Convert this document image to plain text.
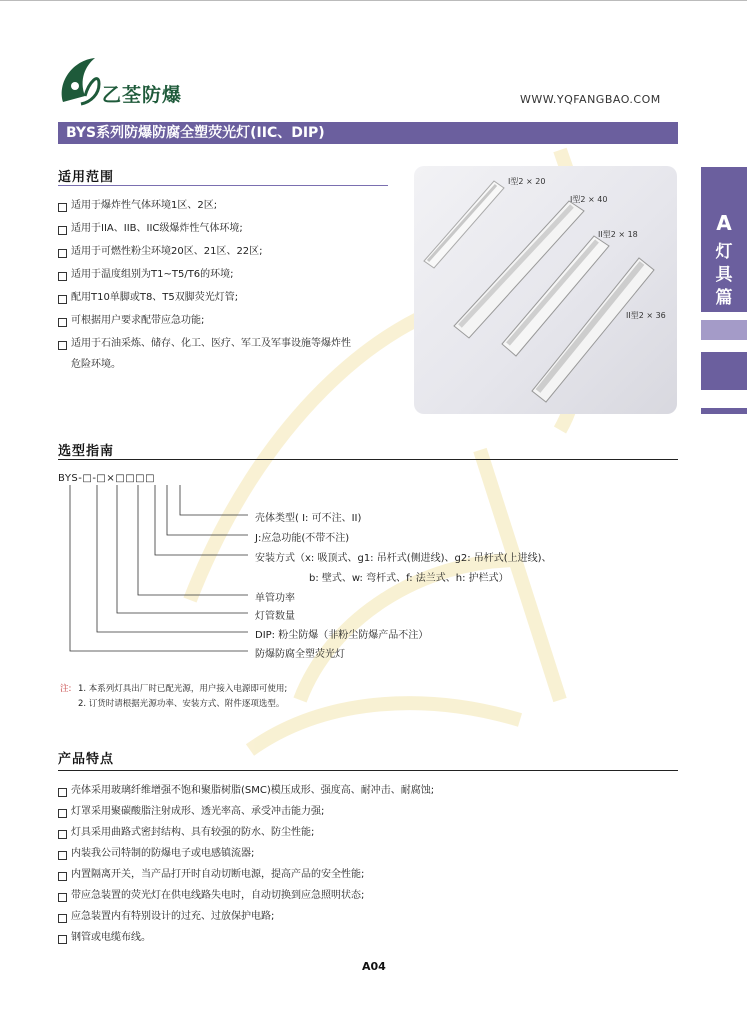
乙荃防爆	WWW.YQFANGBAO.COM
BYS系列防爆防腐全塑荧光灯(IIC、DIP)
适用范围
适用于爆炸性气体环境1区、2区;
适用于IIA、IIB、IIC级爆炸性气体环境;
适用于可燃性粉尘环境20区、21区、22区;
适用于温度组别为T1~T5/T6的环境;
配用T10单脚或T8、T5双脚荧光灯管;
可根据用户要求配带应急功能;
适用于石油采炼、储存、化工、医疗、军工及军事设施等爆炸性

危险环境。
I型2 × 20
I型2 × 40
II型2 × 18
II型2 × 36
A
灯
具
篇
选型指南
BYS-□-□×□□□□
壳体类型( I: 可不注、II)
J:应急功能(不带不注)
安装方式（x: 吸顶式、g1: 吊杆式(侧进线)、g2: 吊杆式(上进线)、
b: 壁式、w: 弯杆式、f: 法兰式、h: 护栏式）
单管功率
灯管数量
DIP: 粉尘防爆（非粉尘防爆产品不注）
防爆防腐全塑荧光灯
注: 1. 本系列灯具出厂时已配光源，用户接入电源即可使用;
2. 订货时请根据光源功率、安装方式、附件逐项选型。
产品特点
壳体采用玻璃纤维增强不饱和聚脂树脂(SMC)模压成形、强度高、耐冲击、耐腐蚀;
灯罩采用聚碳酸脂注射成形、透光率高、承受冲击能力强;
灯具采用曲路式密封结构、具有较强的防水、防尘性能;
内装我公司特制的防爆电子或电感镇流器;
内置隔离开关，当产品打开时自动切断电源，提高产品的安全性能;
带应急装置的荧光灯在供电线路失电时，自动切换到应急照明状态;
应急装置内有特别设计的过充、过放保护电路;
钢管或电缆布线。
A04
